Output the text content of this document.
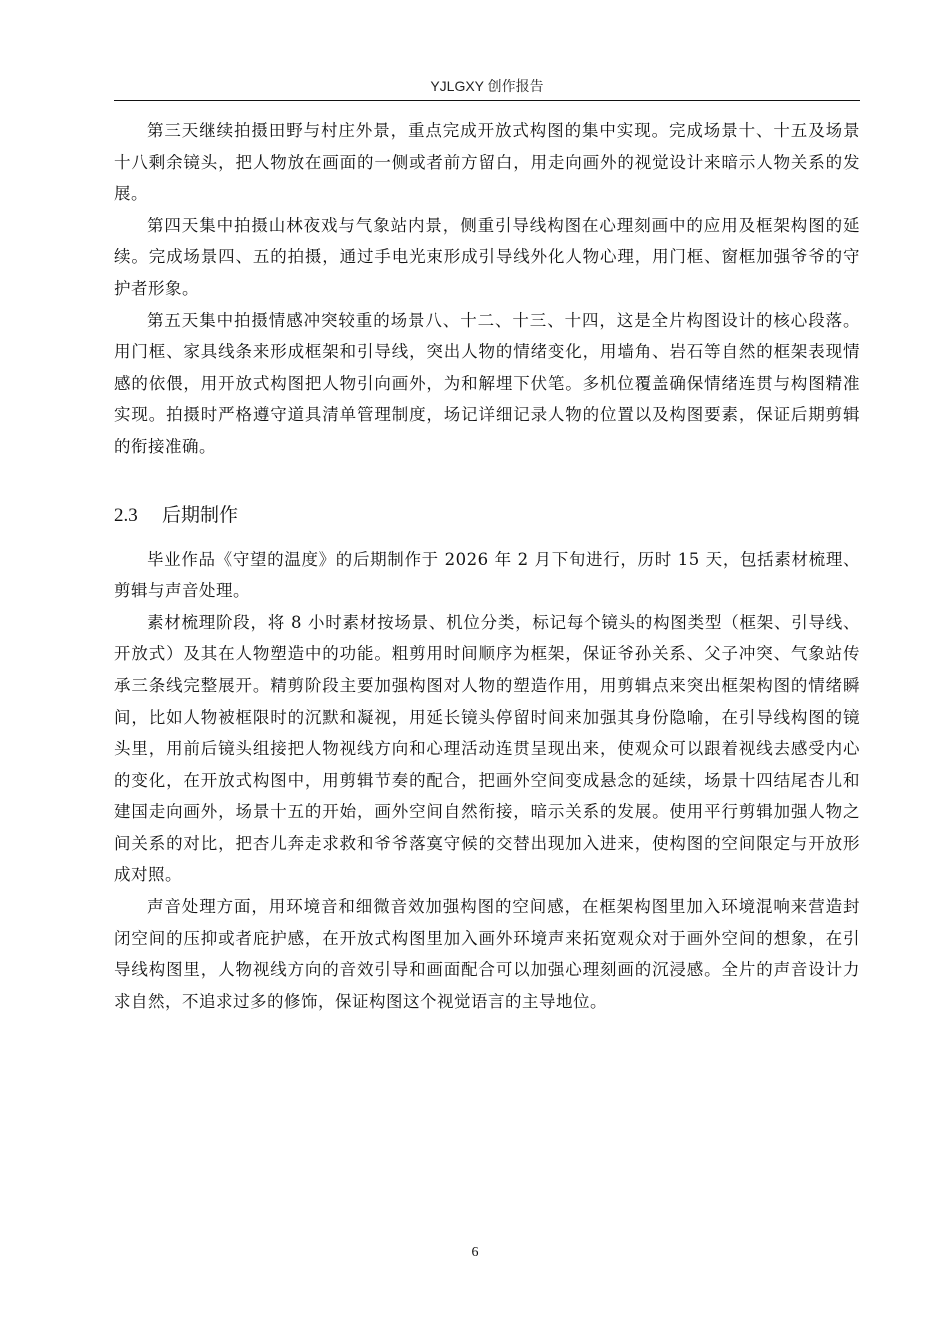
YJLGXY 创作报告

第三天继续拍摄田野与村庄外景，重点完成开放式构图的集中实现。完成场景十、十五及场景十八剩余镜头，把人物放在画面的一侧或者前方留白，用走向画外的视觉设计来暗示人物关系的发展。

第四天集中拍摄山林夜戏与气象站内景，侧重引导线构图在心理刻画中的应用及框架构图的延续。完成场景四、五的拍摄，通过手电光束形成引导线外化人物心理，用门框、窗框加强爷爷的守护者形象。

第五天集中拍摄情感冲突较重的场景八、十二、十三、十四，这是全片构图设计的核心段落。用门框、家具线条来形成框架和引导线，突出人物的情绪变化，用墙角、岩石等自然的框架表现情感的依偎，用开放式构图把人物引向画外，为和解埋下伏笔。多机位覆盖确保情绪连贯与构图精准实现。拍摄时严格遵守道具清单管理制度，场记详细记录人物的位置以及构图要素，保证后期剪辑的衔接准确。

2.3 后期制作

毕业作品《守望的温度》的后期制作于 2026 年 2 月下旬进行，历时 15 天，包括素材梳理、剪辑与声音处理。

素材梳理阶段，将 8 小时素材按场景、机位分类，标记每个镜头的构图类型（框架、引导线、开放式）及其在人物塑造中的功能。粗剪用时间顺序为框架，保证爷孙关系、父子冲突、气象站传承三条线完整展开。精剪阶段主要加强构图对人物的塑造作用，用剪辑点来突出框架构图的情绪瞬间，比如人物被框限时的沉默和凝视，用延长镜头停留时间来加强其身份隐喻，在引导线构图的镜头里，用前后镜头组接把人物视线方向和心理活动连贯呈现出来，使观众可以跟着视线去感受内心的变化，在开放式构图中，用剪辑节奏的配合，把画外空间变成悬念的延续，场景十四结尾杏儿和建国走向画外，场景十五的开始，画外空间自然衔接，暗示关系的发展。使用平行剪辑加强人物之间关系的对比，把杏儿奔走求救和爷爷落寞守候的交替出现加入进来，使构图的空间限定与开放形成对照。

声音处理方面，用环境音和细微音效加强构图的空间感，在框架构图里加入环境混响来营造封闭空间的压抑或者庇护感，在开放式构图里加入画外环境声来拓宽观众对于画外空间的想象，在引导线构图里，人物视线方向的音效引导和画面配合可以加强心理刻画的沉浸感。全片的声音设计力求自然，不追求过多的修饰，保证构图这个视觉语言的主导地位。

6
